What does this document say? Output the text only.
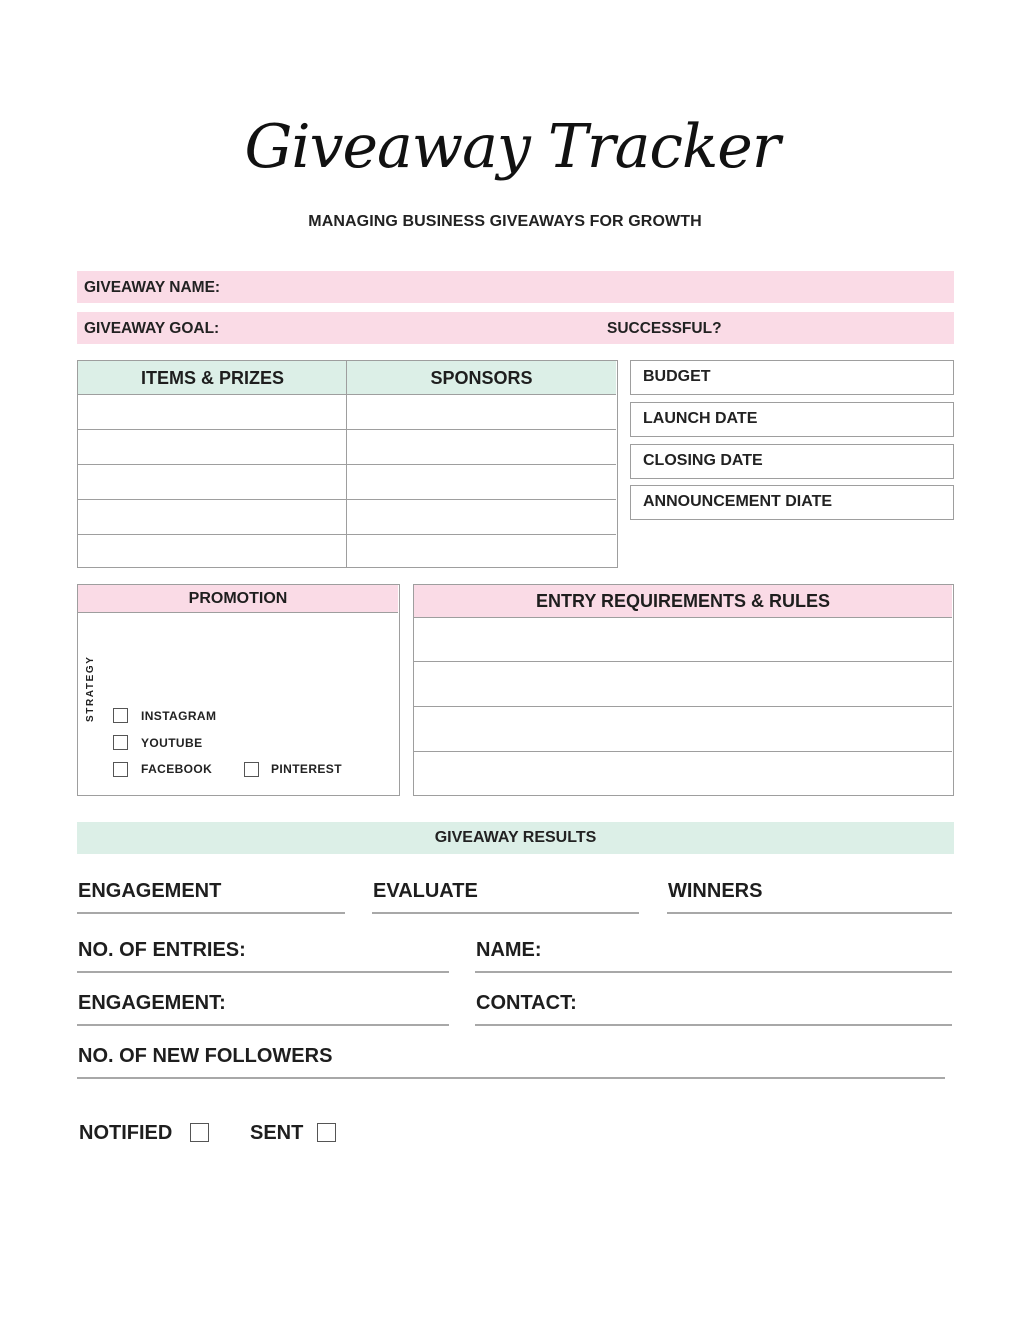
Giveaway Tracker
MANAGING BUSINESS GIVEAWAYS FOR GROWTH
GIVEAWAY NAME:
GIVEAWAY GOAL:	SUCCESSFUL?
ITEMS & PRIZES	SPONSORS	BUDGET
LAUNCH DATE
CLOSING DATE
ANNOUNCEMENT DIATE
PROMOTION
STRATEGY	INSTAGRAM
YOUTUBE
FACEBOOK	PINTEREST
ENTRY REQUIREMENTS & RULES
GIVEAWAY RESULTS
ENGAGEMENT	EVALUATE	WINNERS
NO. OF ENTRIES:	NAME:
ENGAGEMENT:	CONTACT:
NO. OF NEW FOLLOWERS
NOTIFIED	SENT
